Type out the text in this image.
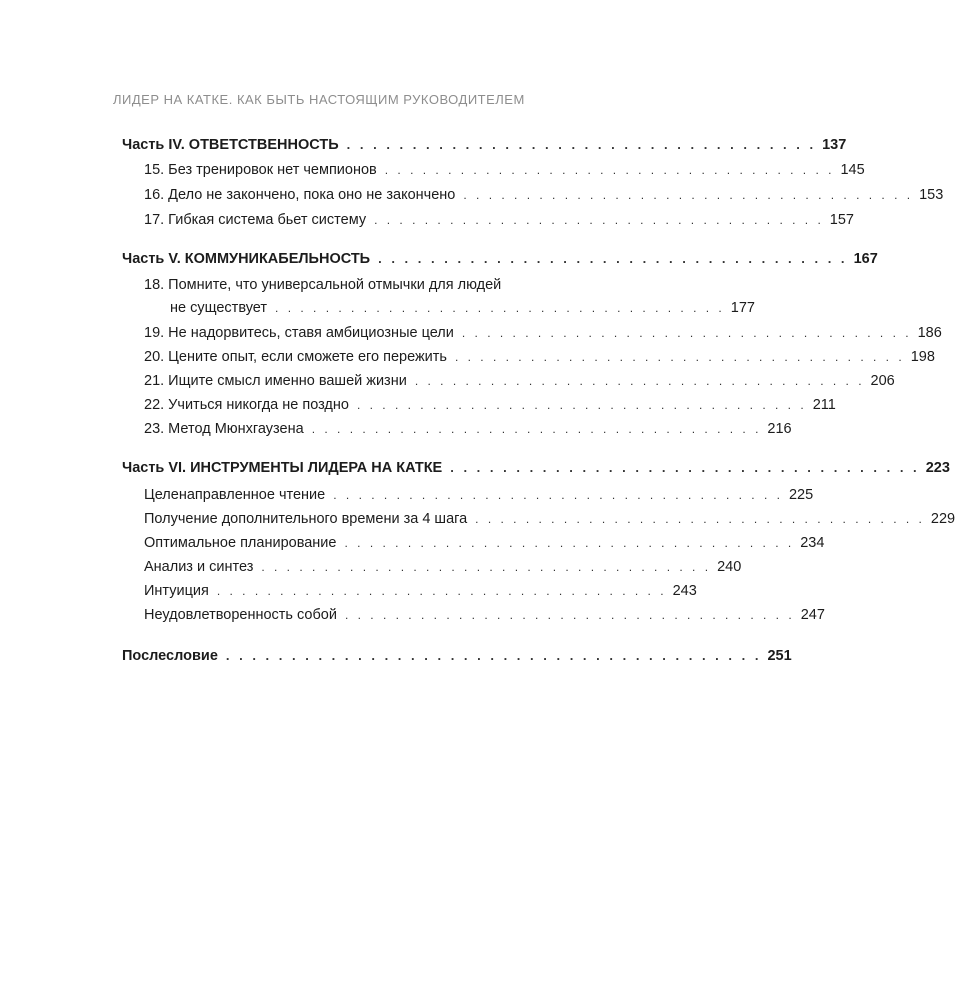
ЛИДЕР НА КАТКЕ. КАК БЫТЬ НАСТОЯЩИМ РУКОВОДИТЕЛЕМ
Часть IV. ОТВЕТСТВЕННОСТЬ . . . . . . . . . . . . . . . . . . . . . . . . . . . . . . . . . . . . 137
15. Без тренировок нет чемпионов . . . . . . . . . . . . . . . . . . . . . . . . . . . . . . . . . . . . 145
16. Дело не закончено, пока оно не закончено . . . . . . . . . . . . . . . . . . . . . . . . . . . . . . . . . . . . 153
17. Гибкая система бьет систему . . . . . . . . . . . . . . . . . . . . . . . . . . . . . . . . . . . . 157
Часть V. КОММУНИКАБЕЛЬНОСТЬ . . . . . . . . . . . . . . . . . . . . . . . . . . . . . . . . . . . . 167
18. Помните, что универсальной отмычки для людей
не существует . . . . . . . . . . . . . . . . . . . . . . . . . . . . . . . . . . . . 177
19. Не надорвитесь, ставя амбициозные цели . . . . . . . . . . . . . . . . . . . . . . . . . . . . . . . . . . . . 186
20. Цените опыт, если сможете его пережить . . . . . . . . . . . . . . . . . . . . . . . . . . . . . . . . . . . . 198
21. Ищите смысл именно вашей жизни . . . . . . . . . . . . . . . . . . . . . . . . . . . . . . . . . . . . 206
22. Учиться никогда не поздно . . . . . . . . . . . . . . . . . . . . . . . . . . . . . . . . . . . . 211
23. Метод Мюнхгаузена . . . . . . . . . . . . . . . . . . . . . . . . . . . . . . . . . . . . 216
Часть VI. ИНСТРУМЕНТЫ ЛИДЕРА НА КАТКЕ . . . . . . . . . . . . . . . . . . . . . . . . . . . . . . . . . . . . 223
Целенаправленное чтение . . . . . . . . . . . . . . . . . . . . . . . . . . . . . . . . . . . . 225
Получение дополнительного времени за 4 шага . . . . . . . . . . . . . . . . . . . . . . . . . . . . . . . . . . . . 229
Оптимальное планирование . . . . . . . . . . . . . . . . . . . . . . . . . . . . . . . . . . . . 234
Анализ и синтез . . . . . . . . . . . . . . . . . . . . . . . . . . . . . . . . . . . . 240
Интуиция . . . . . . . . . . . . . . . . . . . . . . . . . . . . . . . . . . . . 243
Неудовлетворенность собой . . . . . . . . . . . . . . . . . . . . . . . . . . . . . . . . . . . . 247
Послесловие . . . . . . . . . . . . . . . . . . . . . . . . . . . . . . . . . . . . . . . . . 251
